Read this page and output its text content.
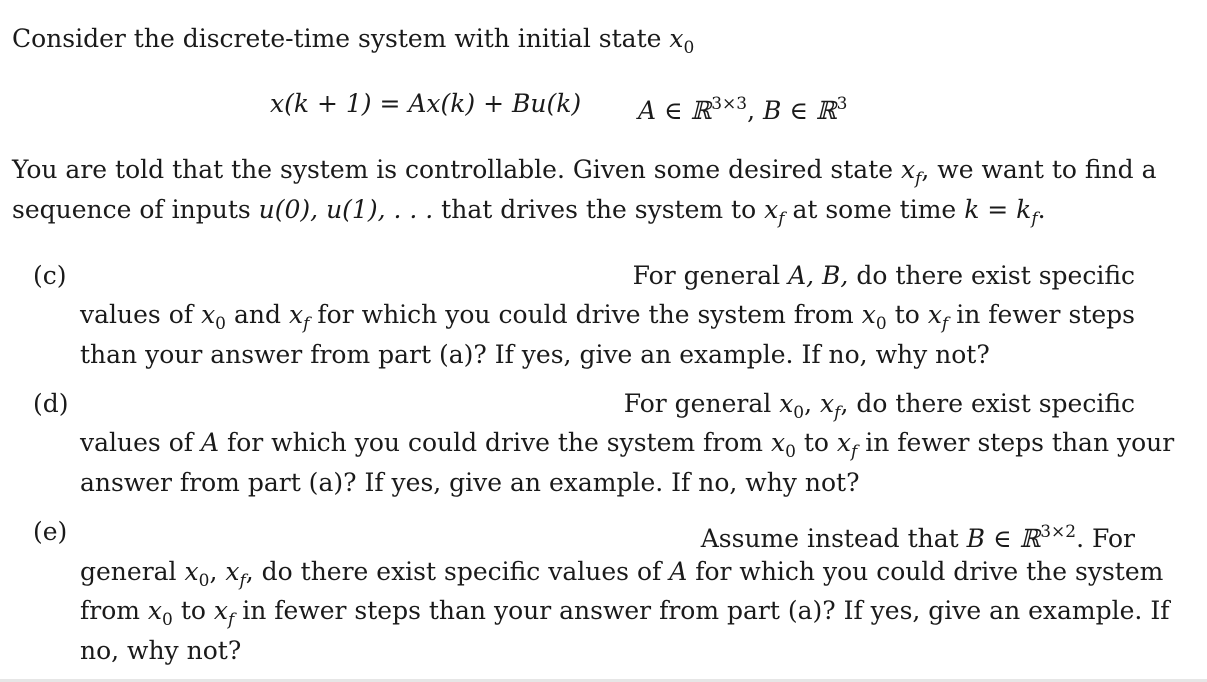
Consider the discrete-time system with initial state $x_0$
x(k + 1) = Ax(k) + Bu(k) A ∈ ℝ$^{3\times 3}$, B ∈ ℝ$^3$
You are told that the system is controllable. Given some desired state $x_f$, we want to find a
sequence of inputs u(0), u(1), . . . that drives the system to $x_f$ at some time $k = k_f$.
(c)	For general A, B, do there exist specific
values of $x_0$ and $x_f$ for which you could drive the system from $x_0$ to $x_f$ in fewer steps
than your answer from part (a)? If yes, give an example. If no, why not?
(d)	For general $x_0$, $x_f$, do there exist specific
values of A for which you could drive the system from $x_0$ to $x_f$ in fewer steps than your
answer from part (a)? If yes, give an example. If no, why not?
(e)	Assume instead that B ∈ ℝ$^{3\times 2}$. For
general $x_0$, $x_f$, do there exist specific values of A for which you could drive the system
from $x_0$ to $x_f$ in fewer steps than your answer from part (a)? If yes, give an example. If
no, why not?
